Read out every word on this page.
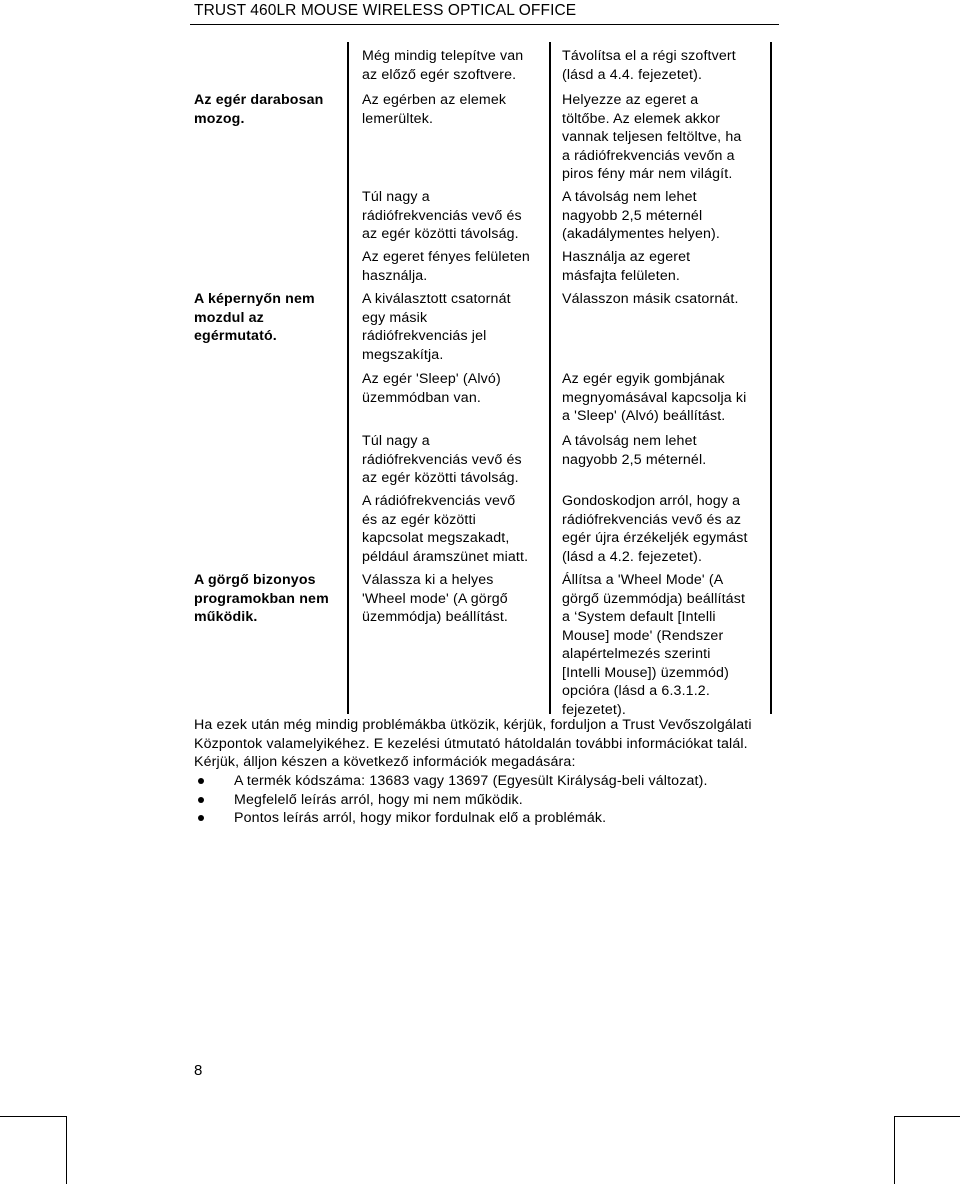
TRUST 460LR MOUSE WIRELESS OPTICAL OFFICE
Még mindig telepítve van
az előző egér szoftvere.
Távolítsa el a régi szoftvert
(lásd a 4.4. fejezetet).
Az egér darabosan
mozog.
Az egérben az elemek
lemerültek.
Helyezze az egeret a
töltőbe. Az elemek akkor
vannak teljesen feltöltve, ha
a rádiófrekvenciás vevőn a
piros fény már nem világít.
Túl nagy a
rádiófrekvenciás vevő és
az egér közötti távolság.
A távolság nem lehet
nagyobb 2,5 méternél
(akadálymentes helyen).
Az egeret fényes felületen
használja.
Használja az egeret
másfajta felületen.
A képernyőn nem
mozdul az
egérmutató.
A kiválasztott csatornát
egy másik
rádiófrekvenciás jel
megszakítja.
Válasszon másik csatornát.
Az egér 'Sleep' (Alvó)
üzemmódban van.
Az egér egyik gombjának
megnyomásával kapcsolja ki
a 'Sleep' (Alvó) beállítást.
Túl nagy a
rádiófrekvenciás vevő és
az egér közötti távolság.
A távolság nem lehet
nagyobb 2,5 méternél.
A rádiófrekvenciás vevő
és az egér közötti
kapcsolat megszakadt,
például áramszünet miatt.
Gondoskodjon arról, hogy a
rádiófrekvenciás vevő és az
egér újra érzékeljék egymást
(lásd a 4.2. fejezetet).
A görgő bizonyos
programokban nem
működik.
Válassza ki a helyes
'Wheel mode' (A görgő
üzemmódja) beállítást.
Állítsa a 'Wheel Mode' (A
görgő üzemmódja) beállítást
a ‘System default [Intelli
Mouse] mode' (Rendszer
alapértelmezés szerinti
[Intelli Mouse]) üzemmód)
opcióra (lásd a 6.3.1.2.
fejezetet).
Ha ezek után még mindig problémákba ütközik, kérjük, forduljon a Trust Vevőszolgálati Központok valamelyikéhez. E kezelési útmutató hátoldalán további információkat talál. Kérjük, álljon készen a következő információk megadására:
A termék kódszáma: 13683 vagy 13697 (Egyesült Királyság-beli változat).
Megfelelő leírás arról, hogy mi nem működik.
Pontos leírás arról, hogy mikor fordulnak elő a problémák.
8
